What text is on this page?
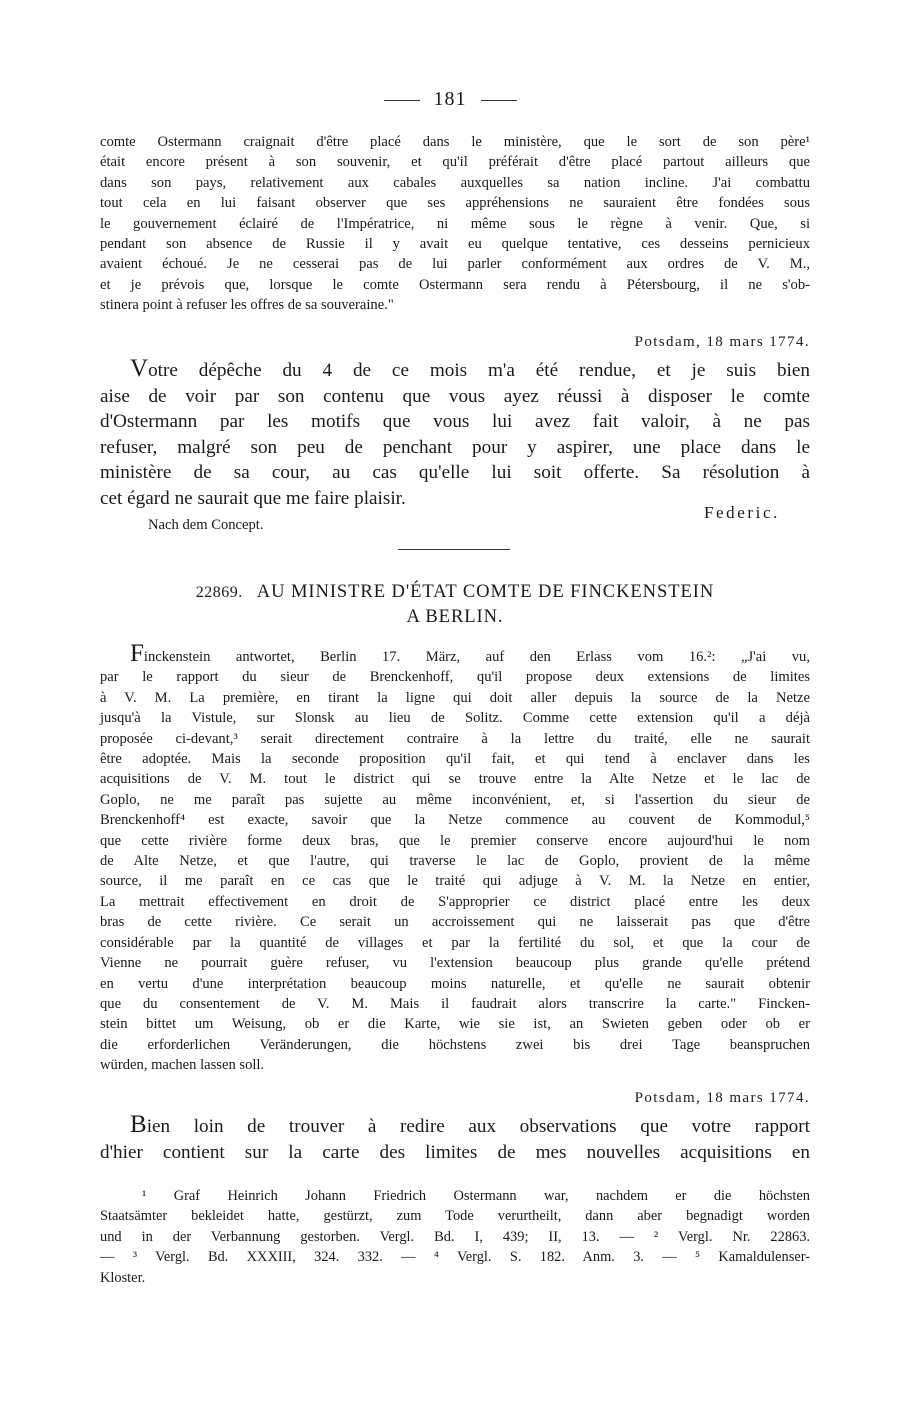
181
comte Ostermann craignait d'être placé dans le ministère, que le sort de son père¹
était encore présent à son souvenir, et qu'il préférait d'être placé partout ailleurs que
dans son pays, relativement aux cabales auxquelles sa nation incline. J'ai combattu
tout cela en lui faisant observer que ses appréhensions ne sauraient être fondées sous
le gouvernement éclairé de l'Impératrice, ni même sous le règne à venir. Que, si
pendant son absence de Russie il y avait eu quelque tentative, ces desseins pernicieux
avaient échoué. Je ne cesserai pas de lui parler conformément aux ordres de V. M.,
et je prévois que, lorsque le comte Ostermann sera rendu à Pétersbourg, il ne s'ob-
stinera point à refuser les offres de sa souveraine."
Potsdam, 18 mars 1774.
Votre dépêche du 4 de ce mois m'a été rendue, et je suis bien
aise de voir par son contenu que vous ayez réussi à disposer le comte
d'Ostermann par les motifs que vous lui avez fait valoir, à ne pas
refuser, malgré son peu de penchant pour y aspirer, une place dans le
ministère de sa cour, au cas qu'elle lui soit offerte. Sa résolution à
cet égard ne saurait que me faire plaisir.
Federic.
Nach dem Concept.
22869. AU MINISTRE D'ÉTAT COMTE DE FINCKENSTEIN
A BERLIN.
Finckenstein antwortet, Berlin 17. März, auf den Erlass vom 16.²: „J'ai vu,
par le rapport du sieur de Brenckenhoff, qu'il propose deux extensions de limites
à V. M. La première, en tirant la ligne qui doit aller depuis la source de la Netze
jusqu'à la Vistule, sur Slonsk au lieu de Solitz. Comme cette extension qu'il a déjà
proposée ci-devant,³ serait directement contraire à la lettre du traité, elle ne saurait
être adoptée. Mais la seconde proposition qu'il fait, et qui tend à enclaver dans les
acquisitions de V. M. tout le district qui se trouve entre la Alte Netze et le lac de
Goplo, ne me paraît pas sujette au même inconvénient, et, si l'assertion du sieur de
Brenckenhoff⁴ est exacte, savoir que la Netze commence au couvent de Kommodul,⁵
que cette rivière forme deux bras, que le premier conserve encore aujourd'hui le nom
de Alte Netze, et que l'autre, qui traverse le lac de Goplo, provient de la même
source, il me paraît en ce cas que le traité qui adjuge à V. M. la Netze en entier,
La mettrait effectivement en droit de S'approprier ce district placé entre les deux
bras de cette rivière. Ce serait un accroissement qui ne laisserait pas que d'être
considérable par la quantité de villages et par la fertilité du sol, et que la cour de
Vienne ne pourrait guère refuser, vu l'extension beaucoup plus grande qu'elle prétend
en vertu d'une interprétation beaucoup moins naturelle, et qu'elle ne saurait obtenir
que du consentement de V. M. Mais il faudrait alors transcrire la carte." Fincken-
stein bittet um Weisung, ob er die Karte, wie sie ist, an Swieten geben oder ob er
die erforderlichen Veränderungen, die höchstens zwei bis drei Tage beanspruchen
würden, machen lassen soll.
Potsdam, 18 mars 1774.
Bien loin de trouver à redire aux observations que votre rapport
d'hier contient sur la carte des limites de mes nouvelles acquisitions en
¹ Graf Heinrich Johann Friedrich Ostermann war, nachdem er die höchsten
Staatsämter bekleidet hatte, gestürzt, zum Tode verurtheilt, dann aber begnadigt worden
und in der Verbannung gestorben. Vergl. Bd. I, 439; II, 13. — ² Vergl. Nr. 22863.
— ³ Vergl. Bd. XXXIII, 324. 332. — ⁴ Vergl. S. 182. Anm. 3. — ⁵ Kamaldulenser-
Kloster.
